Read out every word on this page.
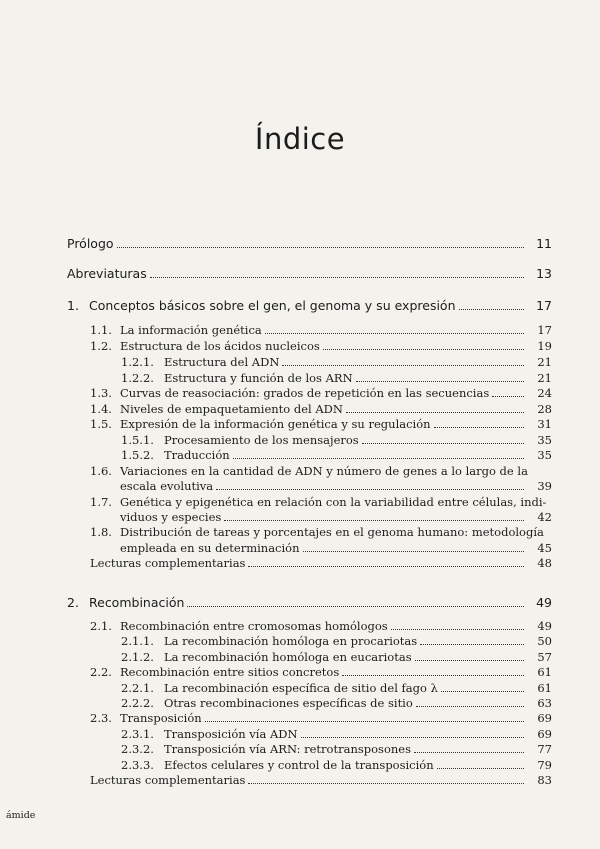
Índice
Prólogo	11
Abreviaturas	13
1. Conceptos básicos sobre el gen, el genoma y su expresión	17
1.1. La información genética	17
1.2. Estructura de los ácidos nucleicos	19
1.2.1. Estructura del ADN	21
1.2.2. Estructura y función de los ARN	21
1.3. Curvas de reasociación: grados de repetición en las secuencias	24
1.4. Niveles de empaquetamiento del ADN	28
1.5. Expresión de la información genética y su regulación	31
1.5.1. Procesamiento de los mensajeros	35
1.5.2. Traducción	35
1.6. Variaciones en la cantidad de ADN y número de genes a lo largo de la
escala evolutiva	39
1.7. Genética y epigenética en relación con la variabilidad entre células, indi-
viduos y especies	42
1.8. Distribución de tareas y porcentajes en el genoma humano: metodología
empleada en su determinación	45
Lecturas complementarias	48
2. Recombinación	49
2.1. Recombinación entre cromosomas homólogos	49
2.1.1. La recombinación homóloga en procariotas	50
2.1.2. La recombinación homóloga en eucariotas	57
2.2. Recombinación entre sitios concretos	61
2.2.1. La recombinación específica de sitio del fago λ	61
2.2.2. Otras recombinaciones específicas de sitio	63
2.3. Transposición	69
2.3.1. Transposición vía ADN	69
2.3.2. Transposición vía ARN: retrotransposones	77
2.3.3. Efectos celulares y control de la transposición	79
Lecturas complementarias	83
ámide
